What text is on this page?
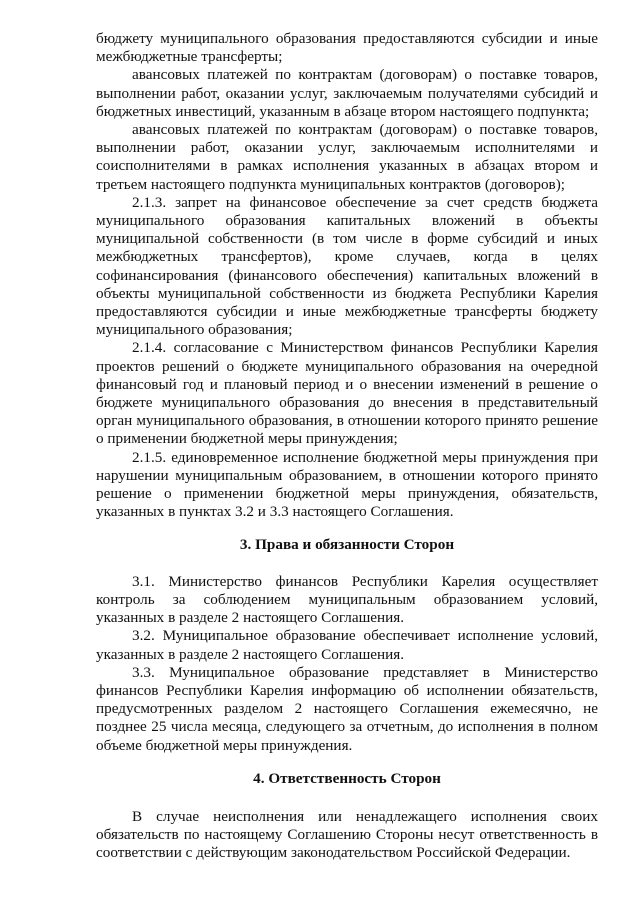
бюджету муниципального образования предоставляются субсидии и иные межбюджетные трансферты;

авансовых платежей по контрактам (договорам) о поставке товаров, выполнении работ, оказании услуг, заключаемым получателями субсидий и бюджетных инвестиций, указанным в абзаце втором настоящего подпункта;

авансовых платежей по контрактам (договорам) о поставке товаров, выполнении работ, оказании услуг, заключаемым исполнителями и соисполнителями в рамках исполнения указанных в абзацах втором и третьем настоящего подпункта муниципальных контрактов (договоров);

2.1.3. запрет на финансовое обеспечение за счет средств бюджета муниципального образования капитальных вложений в объекты муниципальной собственности (в том числе в форме субсидий и иных межбюджетных трансфертов), кроме случаев, когда в целях софинансирования (финансового обеспечения) капитальных вложений в объекты муниципальной собственности из бюджета Республики Карелия предоставляются субсидии и иные межбюджетные трансферты бюджету муниципального образования;

2.1.4. согласование с Министерством финансов Республики Карелия проектов решений о бюджете муниципального образования на очередной финансовый год и плановый период и о внесении изменений в решение о бюджете муниципального образования до внесения в представительный орган муниципального образования, в отношении которого принято решение о применении бюджетной меры принуждения;

2.1.5. единовременное исполнение бюджетной меры принуждения при нарушении муниципальным образованием, в отношении которого принято решение о применении бюджетной меры принуждения, обязательств, указанных в пунктах 3.2 и 3.3 настоящего Соглашения.

3. Права и обязанности Сторон

3.1. Министерство финансов Республики Карелия осуществляет контроль за соблюдением муниципальным образованием условий, указанных в разделе 2 настоящего Соглашения.

3.2. Муниципальное образование обеспечивает исполнение условий, указанных в разделе 2 настоящего Соглашения.

3.3. Муниципальное образование представляет в Министерство финансов Республики Карелия информацию об исполнении обязательств, предусмотренных разделом 2 настоящего Соглашения ежемесячно, не позднее 25 числа месяца, следующего за отчетным, до исполнения в полном объеме бюджетной меры принуждения.

4. Ответственность Сторон

В случае неисполнения или ненадлежащего исполнения своих обязательств по настоящему Соглашению Стороны несут ответственность в соответствии с действующим законодательством Российской Федерации.
